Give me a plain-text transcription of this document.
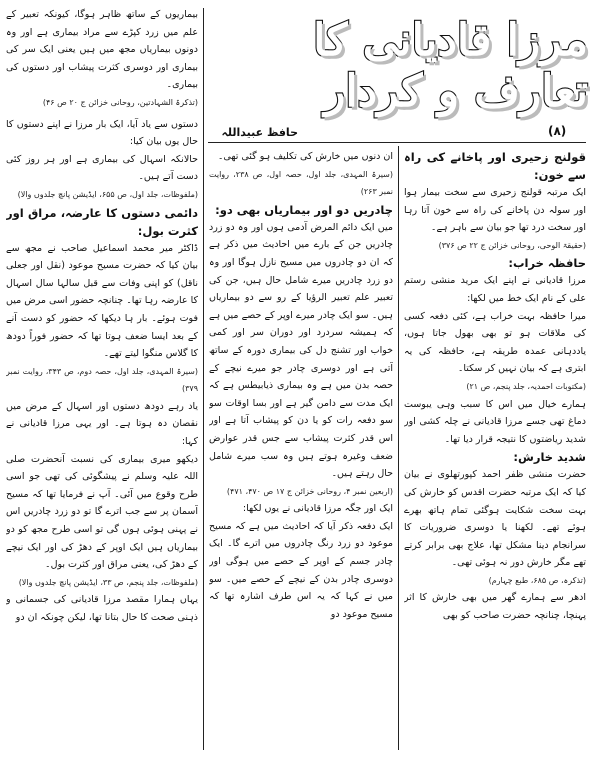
مرزا قادیانی کا تعارف و کردار
(۸)
حافظ عبیداللہ

بیماریوں کے ساتھ ظاہر ہوگا، کیونکہ تعبیر کے علم میں زرد کپڑے سے مراد بیماری ہے اور وہ دونوں بیماریاں مجھ میں ہیں یعنی ایک سر کی بیماری اور دوسری کثرت پیشاب اور دستوں کی بیماری۔

(تذکرۃ الشہادتین، روحانی خزائن ج ۲۰ ص ۴۶)

دستوں سے یاد آیا، ایک بار مرزا نے اپنے دستوں کا حال یوں بیان کیا:

حالانکہ اسہال کی بیماری ہے اور ہر روز کئی دست آتے ہیں۔

(ملفوظات، جلد اول، ص ۶۵۵، ایڈیشن پانچ جلدوں والا)

دائمی دستوں کا عارضہ، مراق اور کثرت بول:

ڈاکٹر میر محمد اسماعیل صاحب نے مجھ سے بیان کیا کہ حضرت مسیح موعود (نقل اور جعلی ناقل) کو اپنی وفات سے قبل سالہا سال اسہال کا عارضہ رہا تھا۔ چنانچہ حضور اسی مرض میں فوت ہوئے۔ بار ہا دیکھا کہ حضور کو دست آنے کے بعد ایسا ضعف ہوتا تھا کہ حضور فوراً دودھ کا گلاس منگوا لیتے تھے۔

(سیرۃ المہدی، جلد اول، حصہ دوم، ص ۳۴۳، روایت نمبر ۳۷۹)

یاد رہے دودھ دستوں اور اسہال کے مرض میں نقصان دہ ہوتا ہے۔ اور یہی مرزا قادیانی نے کہا:

دیکھو میری بیماری کی نسبت آنحضرت صلی اللہ علیہ وسلم نے پیشگوئی کی تھی جو اسی طرح وقوع میں آئی۔ آپ نے فرمایا تھا کہ مسیح آسمان پر سے جب اترے گا تو دو زرد چادریں اس نے پہنی ہوئی ہوں گی تو اسی طرح مجھ کو دو بیماریاں ہیں ایک اوپر کے دھڑ کی اور ایک نیچے کے دھڑ کی، یعنی مراق اور کثرت بول۔

(ملفوظات، جلد پنجم، ص ۳۳، ایڈیشن پانچ جلدوں والا)

یہاں ہمارا مقصد مرزا قادیانی کی جسمانی و ذہنی صحت کا حال بتانا تھا، لیکن چونکہ ان دو

ان دنوں میں خارش کی تکلیف ہو گئی تھی۔

(سیرۃ المہدی، جلد اول، حصہ اول، ص ۲۳۸، روایت نمبر ۲۶۳)

چادریں دو اور بیماریاں بھی دو:

میں ایک دائم المرض آدمی ہوں اور وہ دو زرد چادریں جن کے بارے میں احادیث میں ذکر ہے کہ ان دو چادروں میں مسیح نازل ہوگا اور وہ دو زرد چادریں میرے شامل حال ہیں، جن کی تعبیر علم تعبیر الرؤیا کے رو سے دو بیماریاں ہیں۔ سو ایک چادر میرے اوپر کے حصے میں ہے کہ ہمیشہ سردرد اور دوران سر اور کمی خواب اور تشنج دل کی بیماری دورہ کے ساتھ آتی ہے اور دوسری چادر جو میرے نیچے کے حصہ بدن میں ہے وہ بیماری ذیابیطس ہے کہ ایک مدت سے دامن گیر ہے اور بسا اوقات سو سو دفعہ رات کو یا دن کو پیشاب آتا ہے اور اس قدر کثرت پیشاب سے جس قدر عوارض ضعف وغیرہ ہوتے ہیں وہ سب میرے شامل حال رہتے ہیں۔

(اربعین نمبر ۴، روحانی خزائن ج ۱۷ ص ۴۷۰، ۴۷۱)

ایک اور جگہ مرزا قادیانی نے یوں لکھا:

ایک دفعہ ذکر آیا کہ احادیث میں ہے کہ مسیح موعود دو زرد رنگ چادروں میں اترے گا۔ ایک چادر جسم کے اوپر کے حصے میں ہوگی اور دوسری چادر بدن کے نیچے کے حصے میں۔ سو میں نے کہا کہ یہ اس طرف اشارہ تھا کہ مسیح موعود دو

قولنج زحیری اور پاخانے کی راہ سے خون:

ایک مرتبہ قولنج زحیری سے سخت بیمار ہوا اور سولہ دن پاخانے کی راہ سے خون آتا رہا اور سخت درد تھا جو بیان سے باہر ہے۔

(حقیقۃ الوحی، روحانی خزائن ج ۲۲ ص ۳۷۶)

حافظہ خراب:

مرزا قادیانی نے اپنے ایک مرید منشی رستم علی کے نام ایک خط میں لکھا:

میرا حافظہ بہت خراب ہے، کئی دفعہ کسی کی ملاقات ہو تو بھی بھول جاتا ہوں، یاددہانی عمدہ طریقہ ہے، حافظہ کی یہ ابتری ہے کہ بیان نہیں کر سکتا۔

(مکتوبات احمدیہ، جلد پنجم، ص ۲۱)

ہمارے خیال میں اس کا سبب وہی یبوست دماغ تھی جسے مرزا قادیانی نے چلہ کشی اور شدید ریاضتوں کا نتیجہ قرار دیا تھا۔

شدید خارش:

حضرت منشی ظفر احمد کپورتھلوی نے بیان کیا کہ ایک مرتبہ حضرت اقدس کو خارش کی بہت سخت شکایت ہوگئی تمام ہاتھ بھرے ہوئے تھے۔ لکھنا یا دوسری ضروریات کا سرانجام دینا مشکل تھا، علاج بھی برابر کرتے تھے مگر خارش دور نہ ہوئی تھی۔

(تذکرہ، ص ۶۸۵، طبع چہارم)

ادھر سے ہمارے گھر میں بھی خارش کا اثر پہنچا، چنانچہ حضرت صاحب کو بھی
